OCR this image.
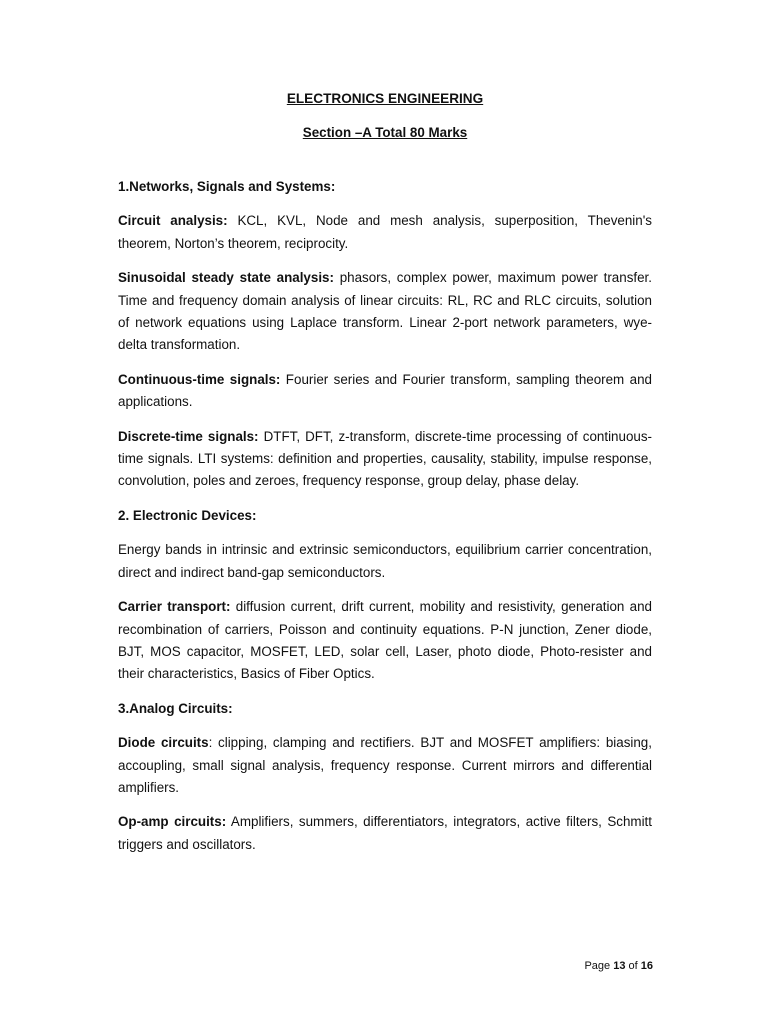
ELECTRONICS ENGINEERING
Section –A Total 80 Marks
1.Networks, Signals and Systems:

Circuit analysis: KCL, KVL, Node and mesh analysis, superposition, Thevenin's theorem, Norton’s theorem, reciprocity.

Sinusoidal steady state analysis: phasors, complex power, maximum power transfer. Time and frequency domain analysis of linear circuits: RL, RC and RLC circuits, solution of network equations using Laplace transform. Linear 2-port network parameters, wye-delta transformation.

Continuous-time signals: Fourier series and Fourier transform, sampling theorem and applications.

Discrete-time signals: DTFT, DFT, z-transform, discrete-time processing of continuous-time signals. LTI systems: definition and properties, causality, stability, impulse response, convolution, poles and zeroes, frequency response, group delay, phase delay.

2. Electronic Devices:

Energy bands in intrinsic and extrinsic semiconductors, equilibrium carrier concentration, direct and indirect band-gap semiconductors.

Carrier transport: diffusion current, drift current, mobility and resistivity, generation and recombination of carriers, Poisson and continuity equations. P-N junction, Zener diode, BJT, MOS capacitor, MOSFET, LED, solar cell, Laser, photo diode, Photo-resister and their characteristics, Basics of Fiber Optics.

3.Analog Circuits:

Diode circuits: clipping, clamping and rectifiers. BJT and MOSFET amplifiers: biasing, accoupling, small signal analysis, frequency response. Current mirrors and differential amplifiers.

Op-amp circuits: Amplifiers, summers, differentiators, integrators, active filters, Schmitt triggers and oscillators.

Page 13 of 16
